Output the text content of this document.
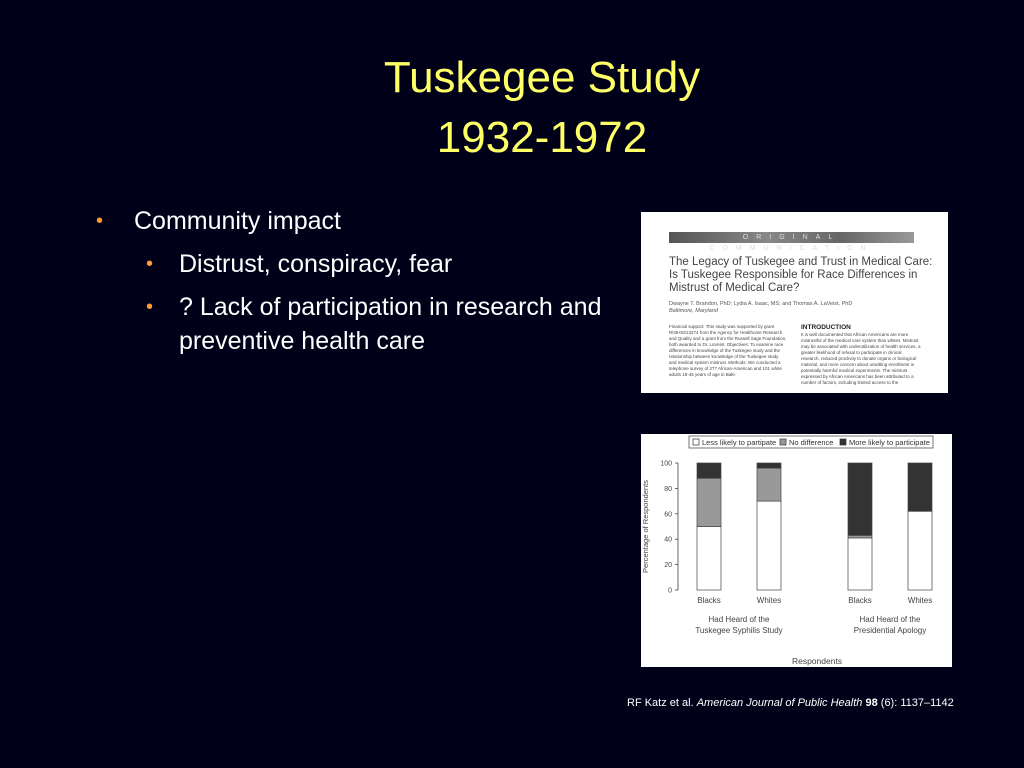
Tuskegee Study
1932-1972
• Community impact
• Distrust, conspiracy, fear
• ? Lack of participation in research and preventive health care
ORIGINAL COMMUNICATION
The Legacy of Tuskegee and Trust in Medical Care: Is Tuskegee Responsible for Race Differences in Mistrust of Medical Care?
Dwayne T. Brandon, PhD; Lydia A. Isaac, MS; and Thomas A. LaVeist, PhD
Baltimore, Maryland
Financial support: This study was supported by grant R03HS013274 from the Agency for Healthcare Research and Quality and a grant from the Russell Sage Foundation, both awarded to Dr. LaVeist. Objectives: To examine race differences in knowledge of the Tuskegee study and the relationship between knowledge of the Tuskegee study and medical system mistrust. Methods: We conducted a telephone survey of 277 African-American and 101 white adults 18-45 years of age in Balti-
INTRODUCTION
It is well documented that African Americans are more mistrustful of the medical care system than whites. Mistrust may be associated with underutilization of health services, a greater likelihood of refusal to participate in clinical research, reduced proclivity to donate organs or biological material, and more concern about unwitting enrollment in potentially harmful medical experiments. The mistrust expressed by African Americans has been attributed to a number of factors, including limited access to the
Less likely to partipate No difference More likely to participate
0
20
40
60
80
100
Percentage of Respondents
Blacks	Whites	Blacks	Whites
Had Heard of the Tuskegee Syphilis Study
Had Heard of the Presidential Apology
Respondents
RF Katz et al. American Journal of Public Health 98 (6): 1137–1142
